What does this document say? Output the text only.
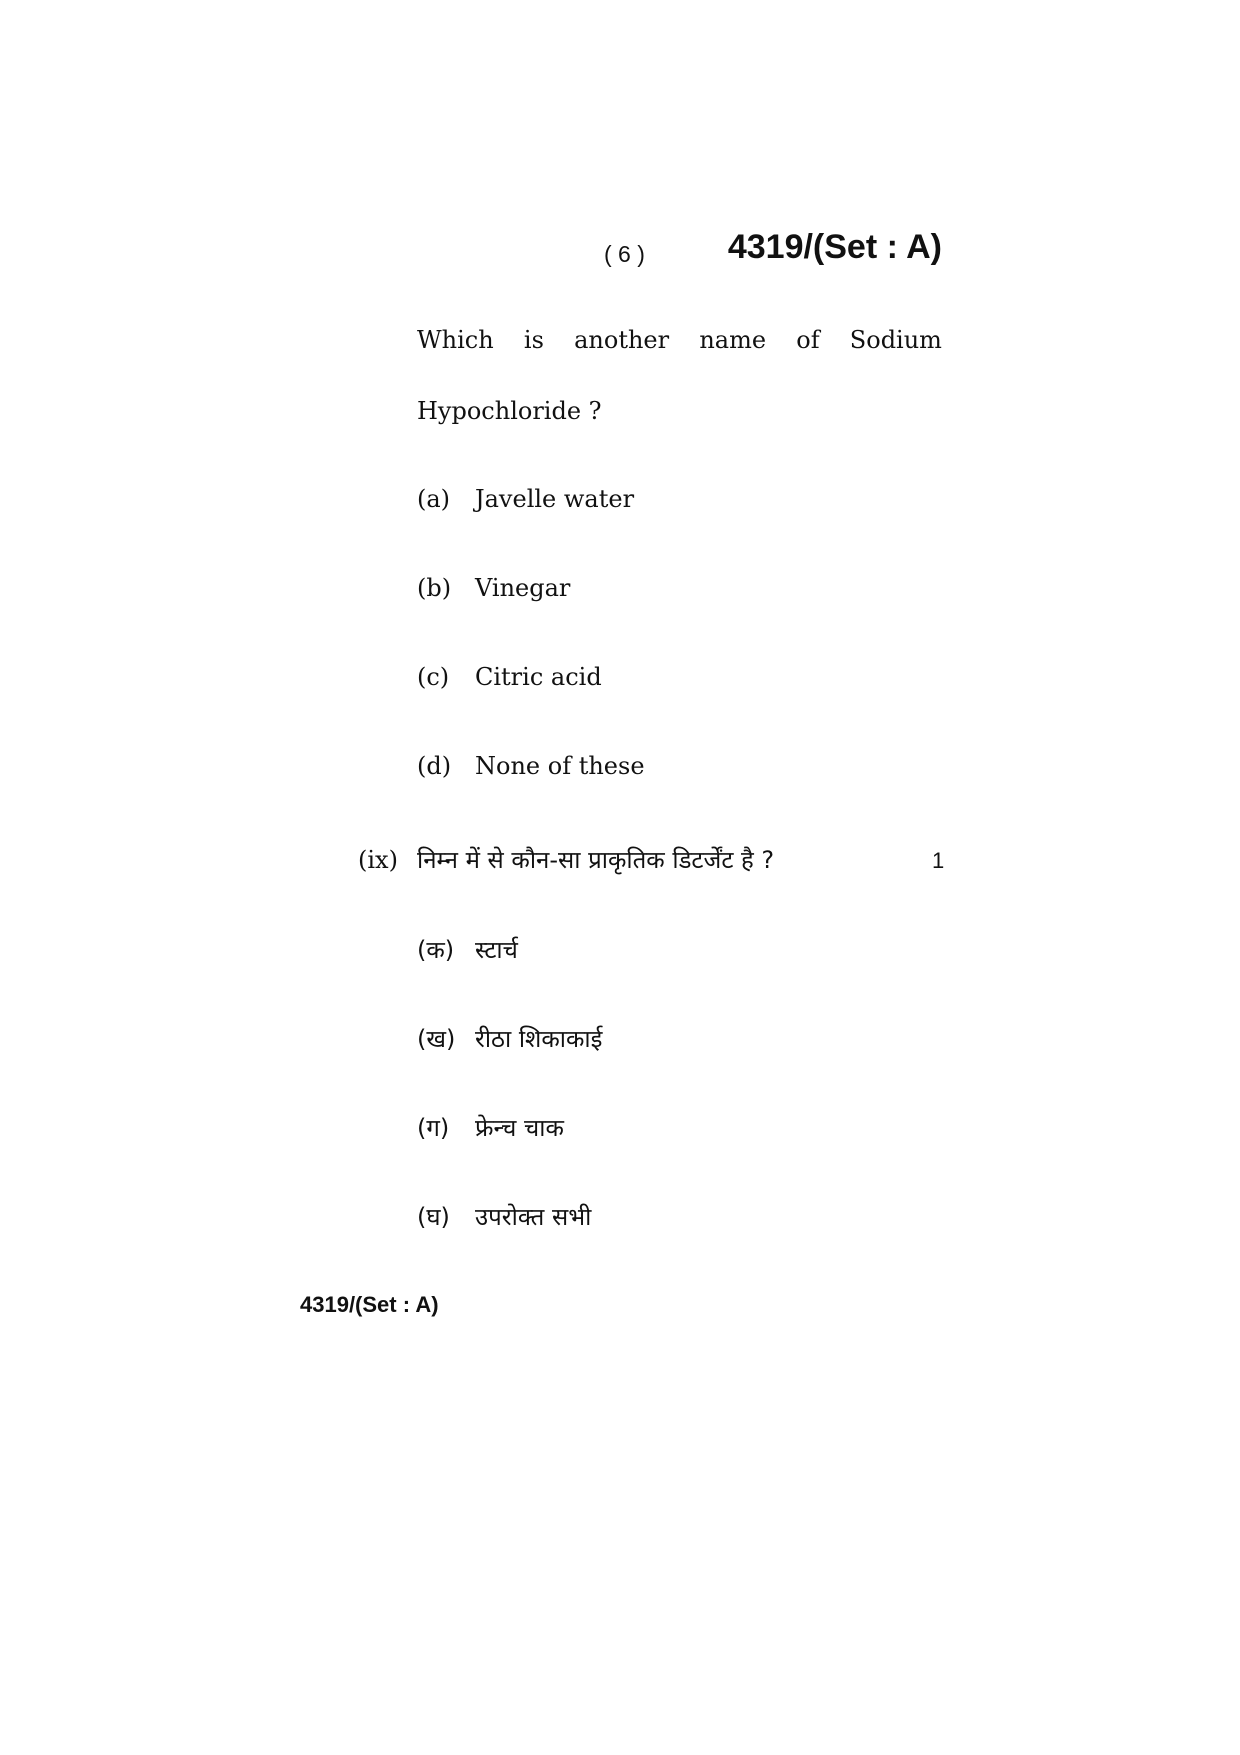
( 6 ) 4319/(Set : A)
Which is another name of Sodium
Hypochloride ?
(a) Javelle water
(b) Vinegar
(c) Citric acid
(d) None of these
(ix) निम्न में से कौन-सा प्राकृतिक डिटर्जेंट है ?	1
(क) स्टार्च
(ख) रीठा शिकाकाई
(ग) फ्रेन्च चाक
(घ) उपरोक्त सभी
4319/(Set : A)
